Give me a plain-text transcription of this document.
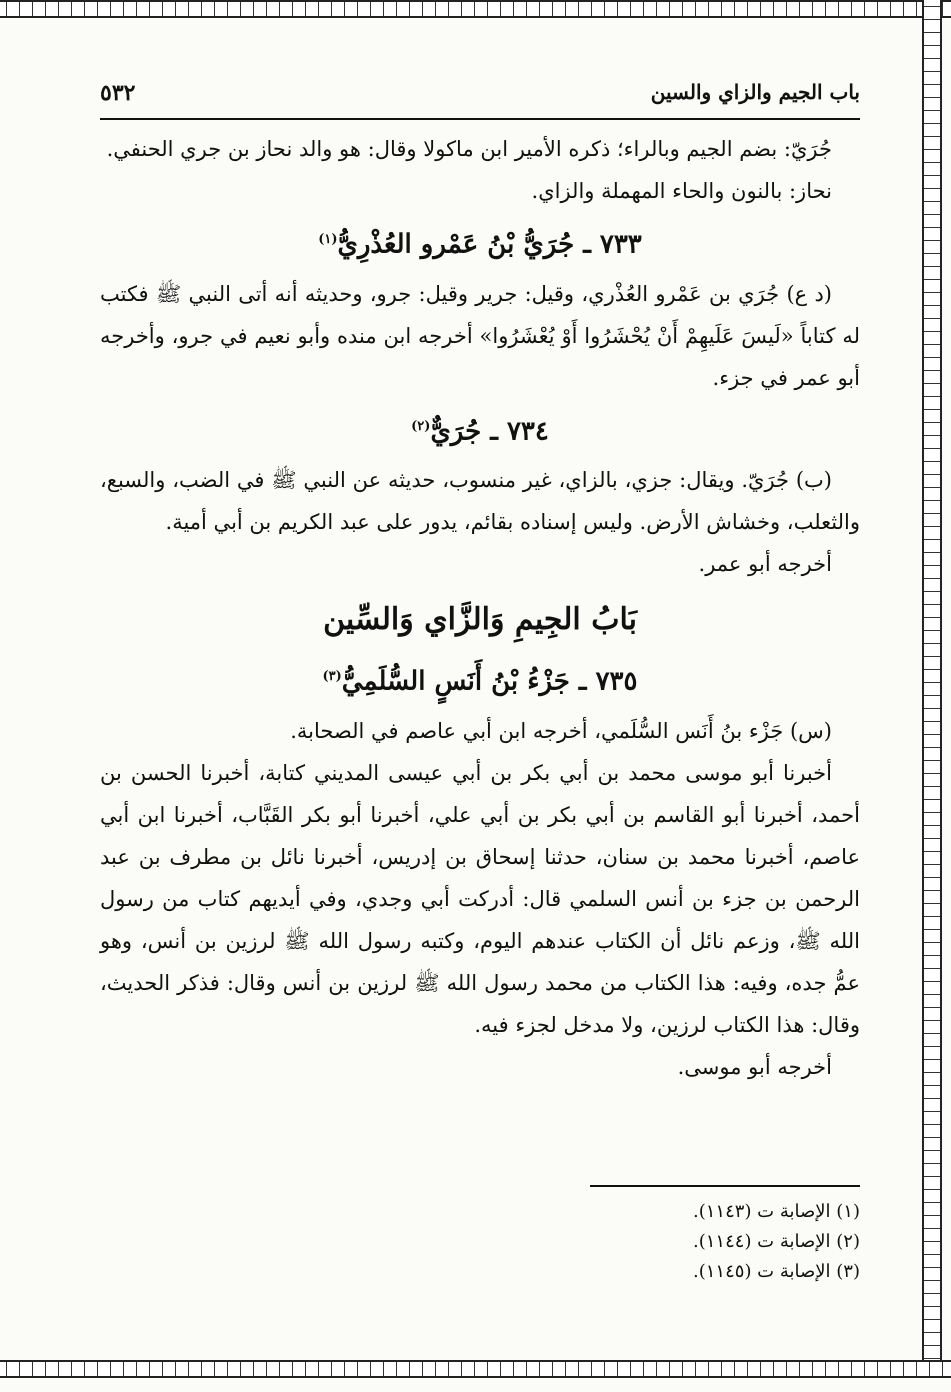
باب الجيم والزاي والسين
٥٣٢

جُرَيّ: بضم الجيم وبالراء؛ ذكره الأمير ابن ماكولا وقال: هو والد نحاز بن جري الحنفي.

نحاز: بالنون والحاء المهملة والزاي.

٧٣٣ ـ جُرَيُّ بْنُ عَمْرو العُذْرِيُّ$^{(١)}$

(د ع) جُرَي بن عَمْرو العُذْري، وقيل: جرير وقيل: جرو، وحديثه أنه أتى النبي ﷺ فكتب له كتاباً «لَيسَ عَلَيهِمْ أَنْ يُحْشَرُوا أَوْ يُعْشَرُوا» أخرجه ابن منده وأبو نعيم في جرو، وأخرجه أبو عمر في جزء.

٧٣٤ ـ جُرَيٌّ$^{(٢)}$

(ب) جُرَيّ. ويقال: جزي، بالزاي، غير منسوب، حديثه عن النبي ﷺ في الضب، والسبع، والثعلب، وخشاش الأرض. وليس إسناده بقائم، يدور على عبد الكريم بن أبي أمية.

أخرجه أبو عمر.

بَابُ الجِيمِ وَالزَّاي وَالسِّين

٧٣٥ ـ جَزْءُ بْنُ أَنَسٍ السُّلَمِيُّ$^{(٣)}$

(س) جَزْء بنُ أَنَس السُّلَمي، أخرجه ابن أبي عاصم في الصحابة.

أخبرنا أبو موسى محمد بن أبي بكر بن أبي عيسى المديني كتابة، أخبرنا الحسن بن أحمد، أخبرنا أبو القاسم بن أبي بكر بن أبي علي، أخبرنا أبو بكر القَبَّاب، أخبرنا ابن أبي عاصم، أخبرنا محمد بن سنان، حدثنا إسحاق بن إدريس، أخبرنا نائل بن مطرف بن عبد الرحمن بن جزء بن أنس السلمي قال: أدركت أبي وجدي، وفي أيديهم كتاب من رسول الله ﷺ، وزعم نائل أن الكتاب عندهم اليوم، وكتبه رسول الله ﷺ لرزين بن أنس، وهو عمُّ جده، وفيه: هذا الكتاب من محمد رسول الله ﷺ لرزين بن أنس وقال: فذكر الحديث، وقال: هذا الكتاب لرزين، ولا مدخل لجزء فيه.

أخرجه أبو موسى.

(١) الإصابة ت (١١٤٣).

(٢) الإصابة ت (١١٤٤).

(٣) الإصابة ت (١١٤٥).
